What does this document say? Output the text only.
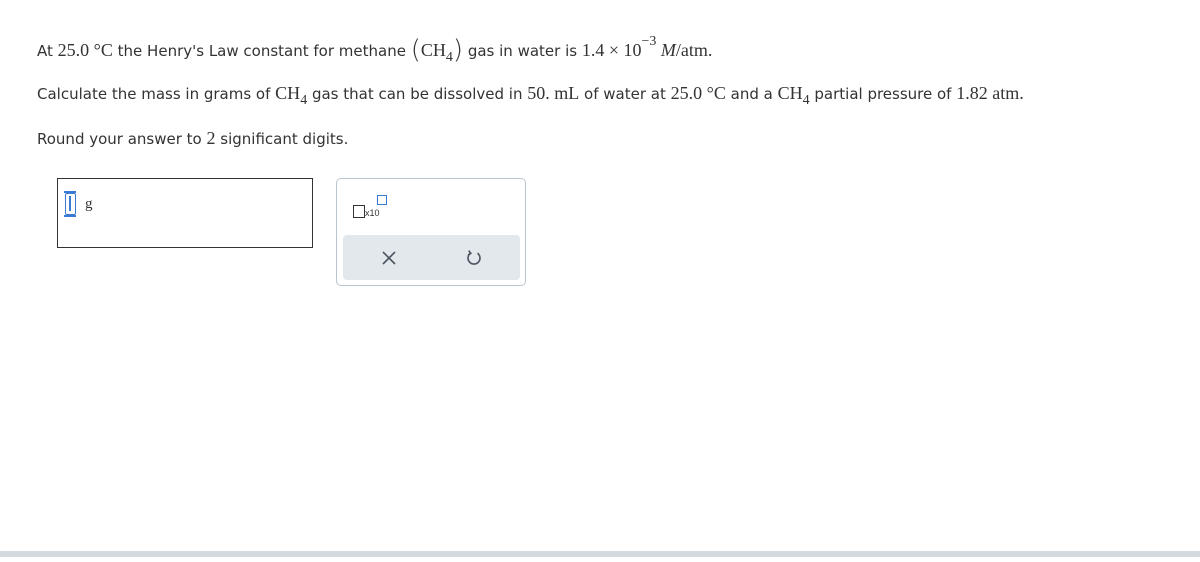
At 25.0 °C the Henry's Law constant for methane $(CH_4)$ gas in water is $1.4 \times 10^{-3}$ M/atm.
Calculate the mass in grams of $CH_4$ gas that can be dissolved in 50. mL of water at 25.0 °C and a $CH_4$ partial pressure of 1.82 atm.
Round your answer to 2 significant digits.
g
x10
